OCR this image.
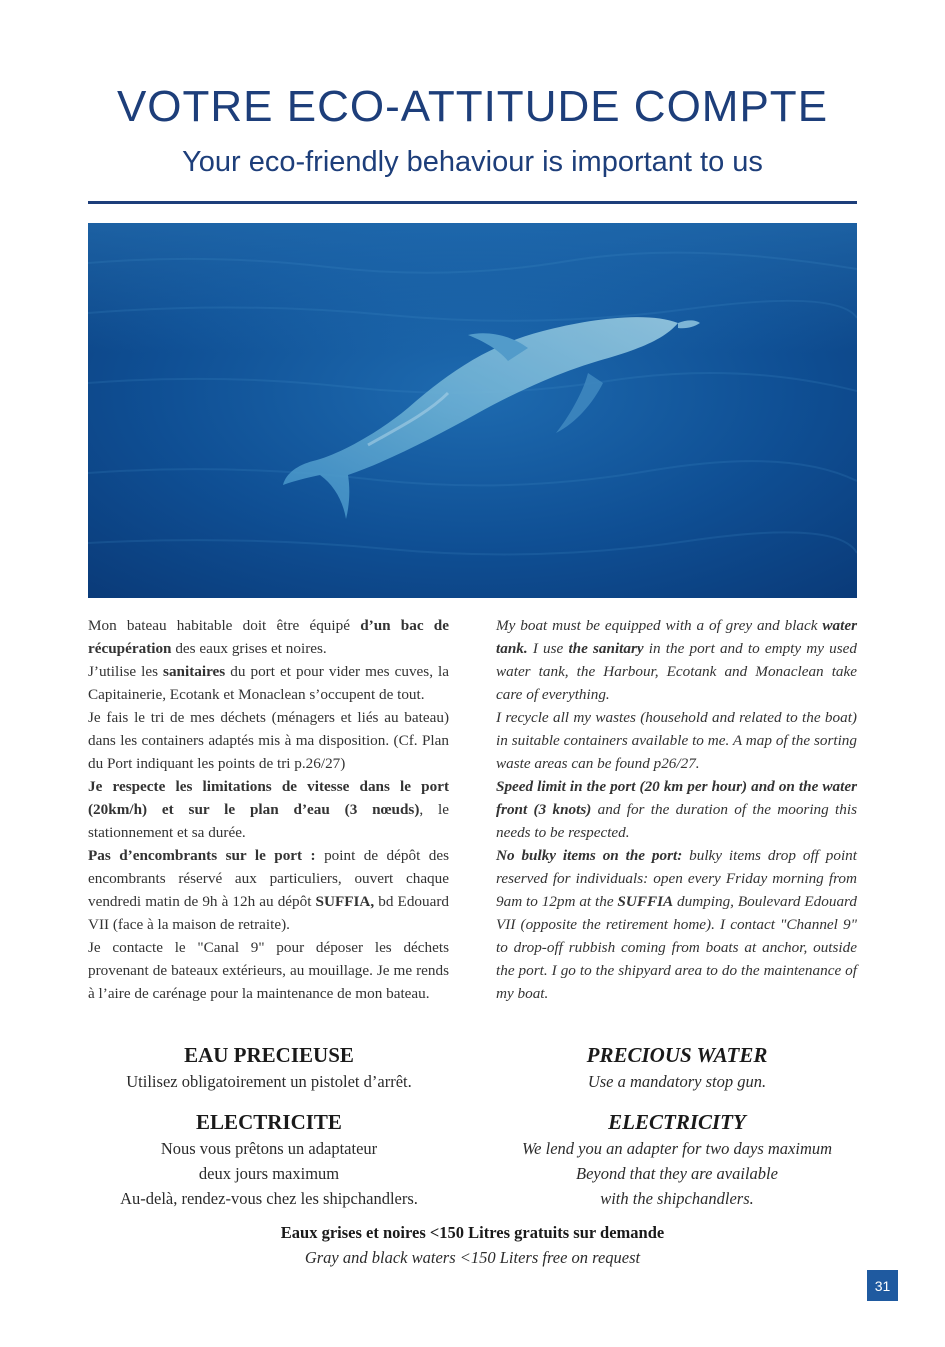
VOTRE ECO-ATTITUDE COMPTE
Your eco-friendly behaviour is important to us

Mon bateau habitable doit être équipé d’un bac de récupération des eaux grises et noires.

J’utilise les sanitaires du port et pour vider mes cuves, la Capitainerie, Ecotank et Monaclean s’occupent de tout.

Je fais le tri de mes déchets (ménagers et liés au bateau) dans les containers adaptés mis à ma disposition. (Cf. Plan du Port indiquant les points de tri p.26/27)

Je respecte les limitations de vitesse dans le port (20km/h) et sur le plan d’eau (3 nœuds), le stationnement et sa durée.

Pas d’encombrants sur le port : point de dépôt des encombrants réservé aux particuliers, ouvert chaque vendredi matin de 9h à 12h au dépôt SUFFIA, bd Edouard VII (face à la maison de retraite).

Je contacte le "Canal 9" pour déposer les déchets provenant de bateaux extérieurs, au mouillage. Je me rends à l’aire de carénage pour la maintenance de mon bateau.

My boat must be equipped with a of grey and black water tank. I use the sanitary in the port and to empty my used water tank, the Harbour, Ecotank and Monaclean take care of everything.

I recycle all my wastes (household and related to the boat) in suitable containers available to me. A map of the sorting waste areas can be found p26/27.

Speed limit in the port (20 km per hour) and on the water front (3 knots) and for the duration of the mooring this needs to be respected.

No bulky items on the port: bulky items drop off point reserved for individuals: open every Friday morning from 9am to 12pm at the SUFFIA dumping, Boulevard Edouard VII (opposite the retirement home). I contact "Channel 9" to drop-off rubbish coming from boats at anchor, outside the port. I go to the shipyard area to do the maintenance of my boat.

EAU PRECIEUSE
Utilisez obligatoirement un pistolet d’arrêt.
PRECIOUS WATER
Use a mandatory stop gun.
ELECTRICITE
Nous vous prêtons un adaptateur
deux jours maximum
Au-delà, rendez-vous chez les shipchandlers.
ELECTRICITY
We lend you an adapter for two days maximum
Beyond that they are available
with the shipchandlers.
Eaux grises et noires <150 Litres gratuits sur demande
Gray and black waters <150 Liters free on request
31
